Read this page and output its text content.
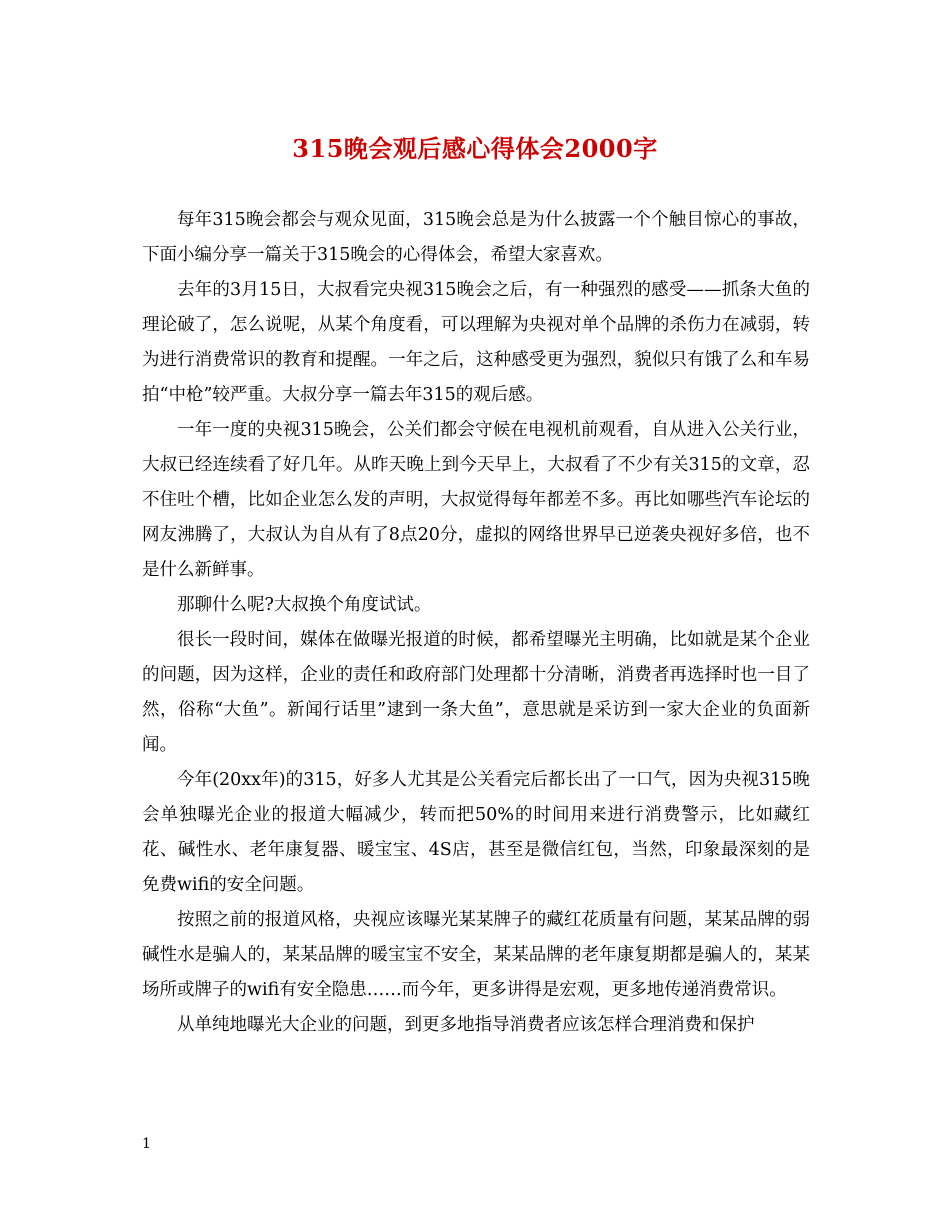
315晚会观后感心得体会2000字

每年315晚会都会与观众见面，315晚会总是为什么披露一个个触目惊心的事故，下面小编分享一篇关于315晚会的心得体会，希望大家喜欢。

去年的3月15日，大叔看完央视315晚会之后，有一种强烈的感受——抓条大鱼的理论破了，怎么说呢，从某个角度看，可以理解为央视对单个品牌的杀伤力在减弱，转为进行消费常识的教育和提醒。一年之后，这种感受更为强烈，貌似只有饿了么和车易拍“中枪”较严重。大叔分享一篇去年315的观后感。

一年一度的央视315晚会，公关们都会守候在电视机前观看，自从进入公关行业，大叔已经连续看了好几年。从昨天晚上到今天早上，大叔看了不少有关315的文章，忍不住吐个槽，比如企业怎么发的声明，大叔觉得每年都差不多。再比如哪些汽车论坛的网友沸腾了，大叔认为自从有了8点20分，虚拟的网络世界早已逆袭央视好多倍，也不是什么新鲜事。

那聊什么呢?大叔换个角度试试。

很长一段时间，媒体在做曝光报道的时候，都希望曝光主明确，比如就是某个企业的问题，因为这样，企业的责任和政府部门处理都十分清晰，消费者再选择时也一目了然，俗称“大鱼”。新闻行话里”逮到一条大鱼”，意思就是采访到一家大企业的负面新闻。

今年(20xx年)的315，好多人尤其是公关看完后都长出了一口气，因为央视315晚会单独曝光企业的报道大幅减少，转而把50%的时间用来进行消费警示，比如藏红花、碱性水、老年康复器、暖宝宝、4S店，甚至是微信红包，当然，印象最深刻的是免费wifi的安全问题。

按照之前的报道风格，央视应该曝光某某牌子的藏红花质量有问题，某某品牌的弱碱性水是骗人的，某某品牌的暖宝宝不安全，某某品牌的老年康复期都是骗人的，某某场所或牌子的wifi有安全隐患……而今年，更多讲得是宏观，更多地传递消费常识。

从单纯地曝光大企业的问题，到更多地指导消费者应该怎样合理消费和保护

1
